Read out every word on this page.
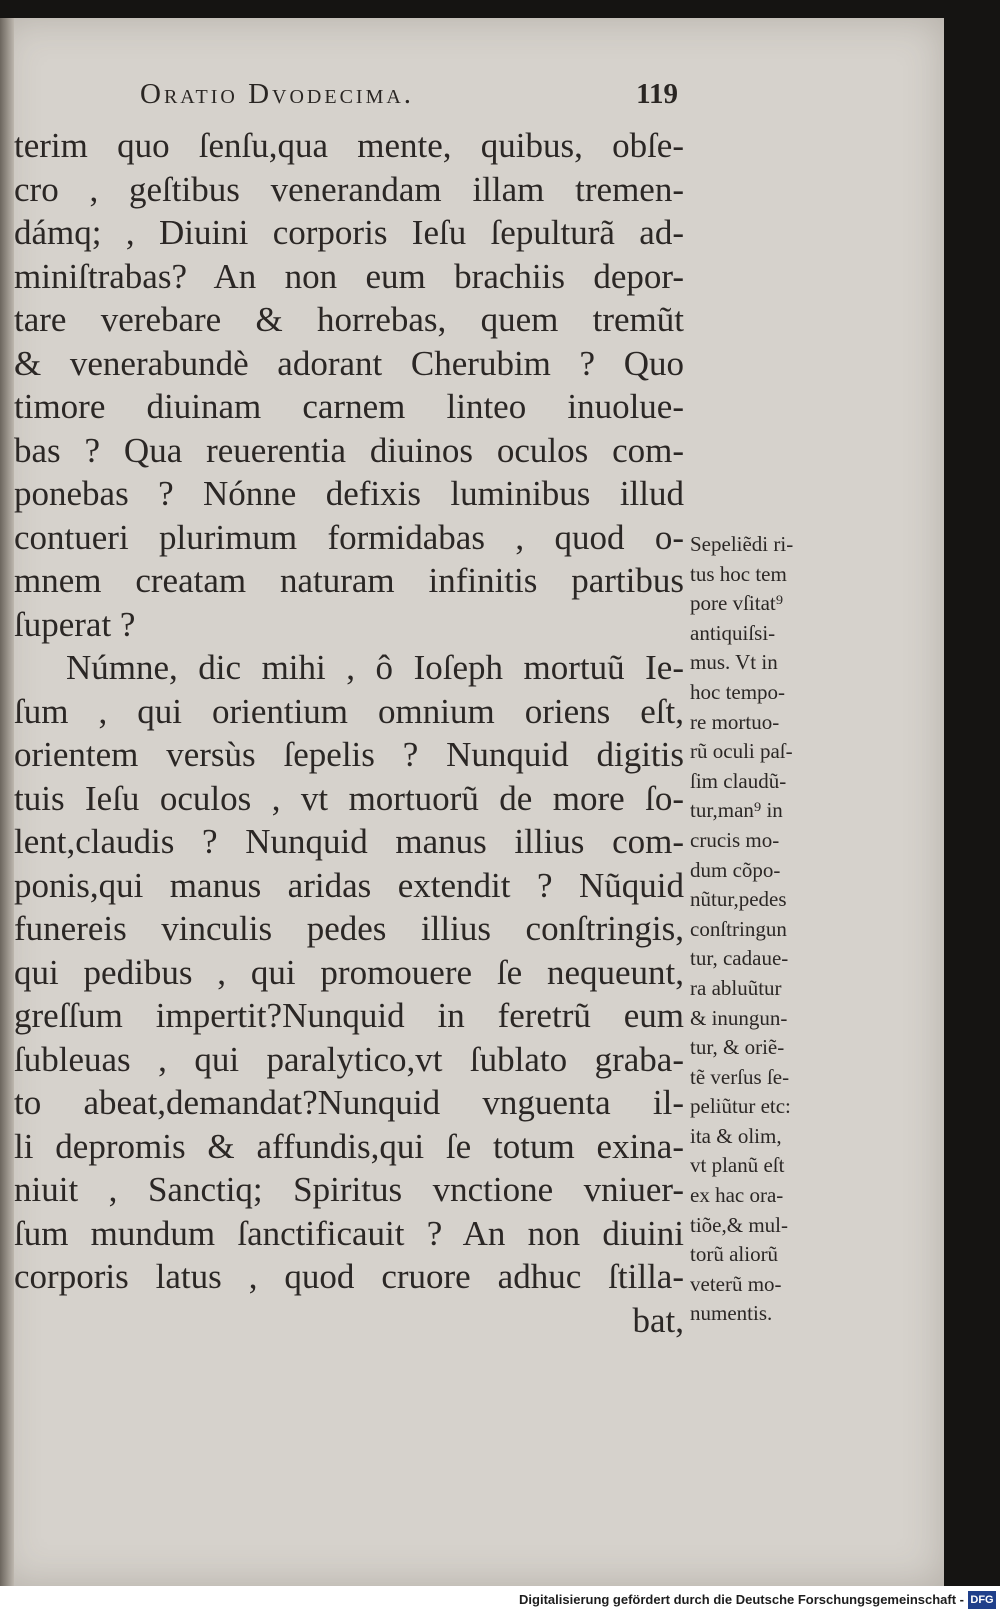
Oratio Dvodecima.	119
terim quo ſenſu,qua mente, quibus, obſe-
cro , geſtibus venerandam illam tremen-
dámq; , Diuini corporis Ieſu ſepulturã ad-
miniſtrabas? An non eum brachiis depor-
tare verebare & horrebas, quem tremũt
& venerabundè adorant Cherubim ? Quo
timore diuinam carnem linteo inuolue-
bas ? Qua reuerentia diuinos oculos com-
ponebas ? Nónne defixis luminibus illud
contueri plurimum formidabas , quod o-
mnem creatam naturam infinitis partibus
ſuperat ?
Númne, dic mihi , ô Ioſeph mortuũ Ie-
ſum , qui orientium omnium oriens eſt,
orientem versùs ſepelis ? Nunquid digitis
tuis Ieſu oculos , vt mortuorũ de more ſo-
lent,claudis ? Nunquid manus illius com-
ponis,qui manus aridas extendit ? Nũquid
funereis vinculis pedes illius conſtringis,
qui pedibus , qui promouere ſe nequeunt,
greſſum impertit?Nunquid in feretrũ eum
ſubleuas , qui paralytico,vt ſublato graba-
to abeat,demandat?Nunquid vnguenta il-
li depromis & affundis,qui ſe totum exina-
niuit , Sanctiq; Spiritus vnctione vniuer-
ſum mundum ſanctificauit ? An non diuini
corporis latus , quod cruore adhuc ſtilla-
bat,
Sepeliẽdi ri-
tus hoc tem
pore vſitat⁹
antiquiſsi-
mus. Vt in
hoc tempo-
re mortuo-
rũ oculi paſ-
ſim claudũ-
tur,man⁹ in
crucis mo-
dum cõpo-
nũtur,pedes
conſtringun
tur, cadaue-
ra abluũtur
& inungun-
tur, & oriẽ-
tẽ verſus ſe-
peliũtur etc:
ita & olim,
vt planũ eſt
ex hac ora-
tiõe,& mul-
torũ aliorũ
veterũ mo-
numentis.
Digitalisierung gefördert durch die Deutsche Forschungsgemeinschaft - DFG
